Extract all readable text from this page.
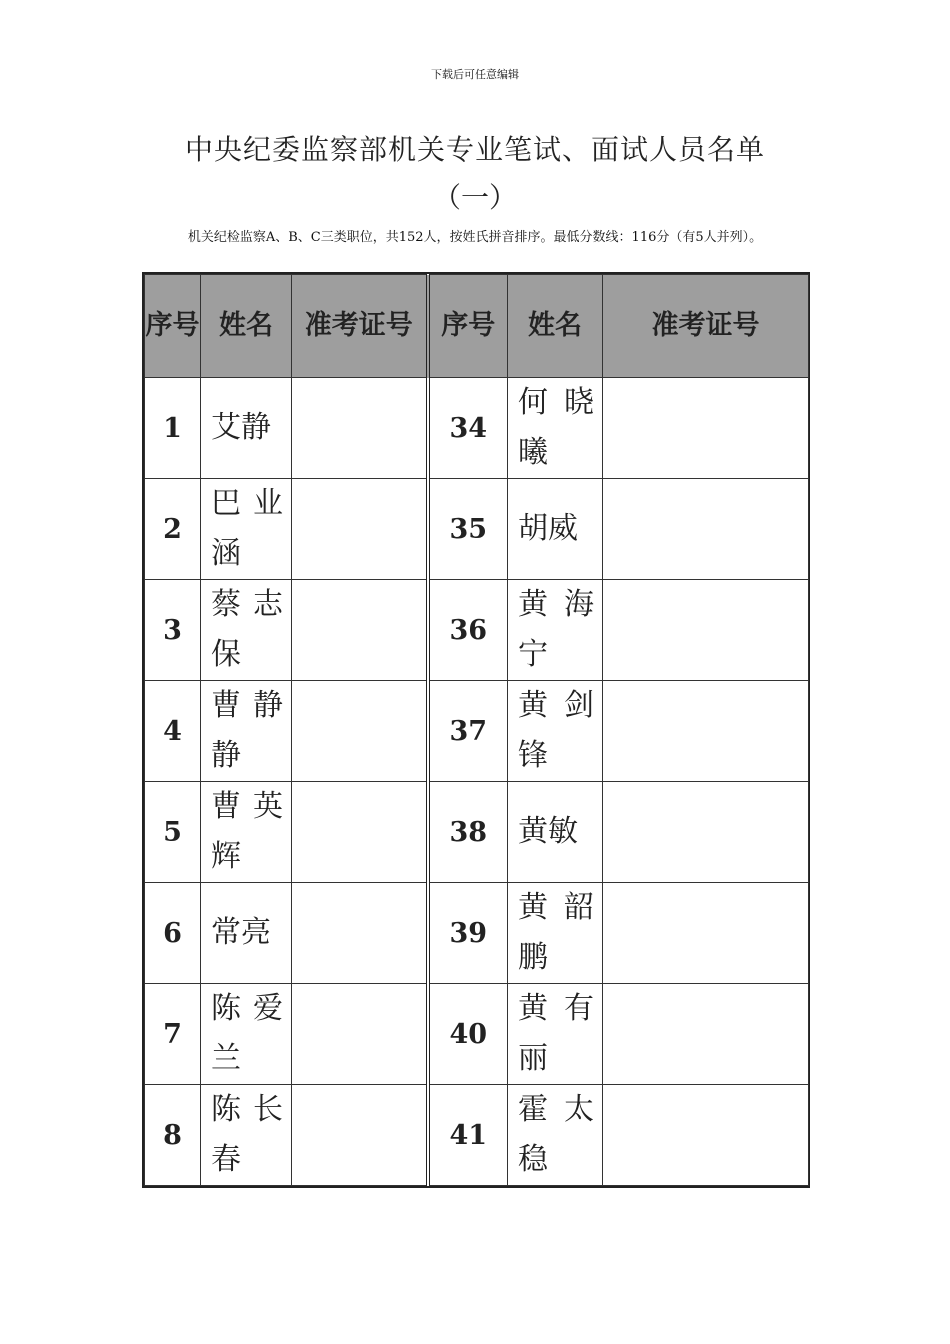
下载后可任意编辑
中央纪委监察部机关专业笔试、面试人员名单
（一）
机关纪检监察A、B、C三类职位，共152人，按姓氏拼音排序。最低分数线：116分（有5人并列）。
序号	姓名	准考证号	序号	姓名	准考证号
1	艾静		34	何 晓曦	
2	巴 业涵		35	胡威	
3	蔡 志保		36	黄 海宁	
4	曹 静静		37	黄 剑锋	
5	曹 英辉		38	黄敏	
6	常亮		39	黄 韶鹏	
7	陈 爱兰		40	黄 有丽	
8	陈 长春		41	霍 太稳	
